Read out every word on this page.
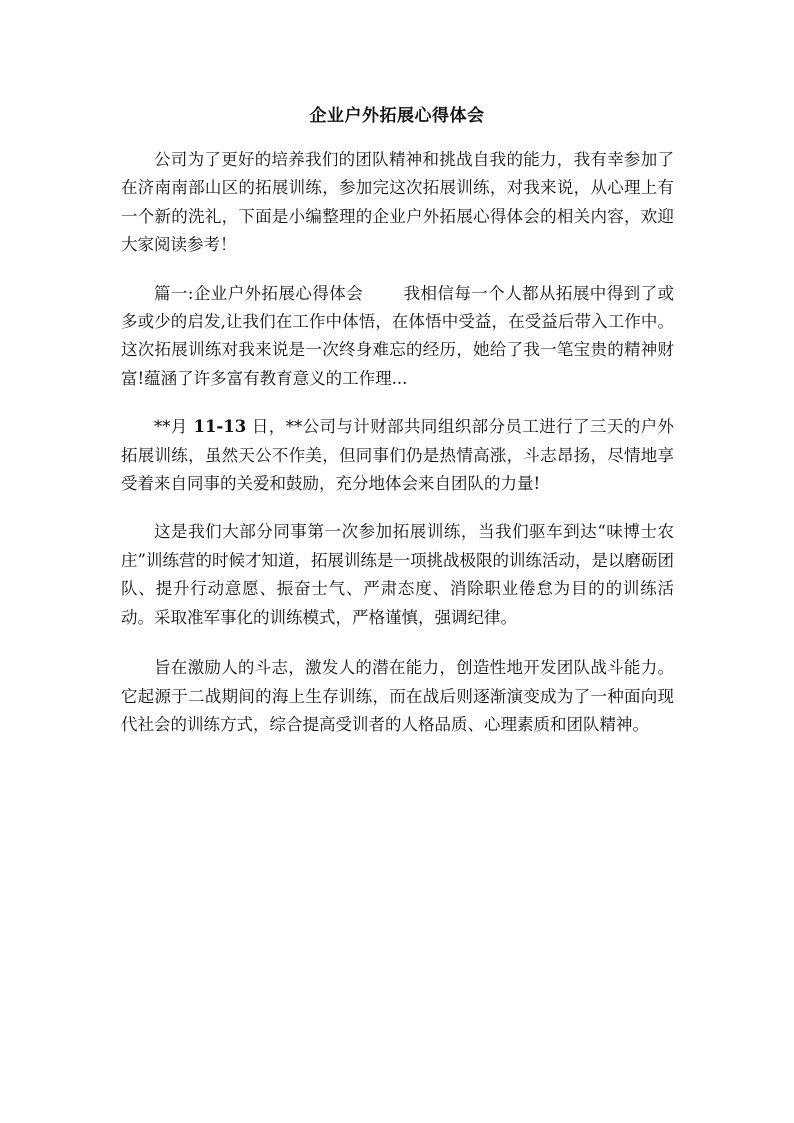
企业户外拓展心得体会

公司为了更好的培养我们的团队精神和挑战自我的能力，我有幸参加了在济南南部山区的拓展训练，参加完这次拓展训练，对我来说，从心理上有一个新的洗礼，下面是小编整理的企业户外拓展心得体会的相关内容，欢迎大家阅读参考！

篇一:企业户外拓展心得体会 我相信每一个人都从拓展中得到了或多或少的启发,让我们在工作中体悟，在体悟中受益，在受益后带入工作中。这次拓展训练对我来说是一次终身难忘的经历，她给了我一笔宝贵的精神财富!蕴涵了许多富有教育意义的工作理...

**月 11-13 日，**公司与计财部共同组织部分员工进行了三天的户外拓展训练，虽然天公不作美，但同事们仍是热情高涨，斗志昂扬，尽情地享受着来自同事的关爱和鼓励，充分地体会来自团队的力量!

这是我们大部分同事第一次参加拓展训练，当我们驱车到达“味博士农庄”训练营的时候才知道，拓展训练是一项挑战极限的训练活动，是以磨砺团队、提升行动意愿、振奋士气、严肃态度、消除职业倦怠为目的的训练活动。采取准军事化的训练模式，严格谨慎，强调纪律。

旨在激励人的斗志，激发人的潜在能力，创造性地开发团队战斗能力。它起源于二战期间的海上生存训练，而在战后则逐渐演变成为了一种面向现代社会的训练方式，综合提高受训者的人格品质、心理素质和团队精神。
